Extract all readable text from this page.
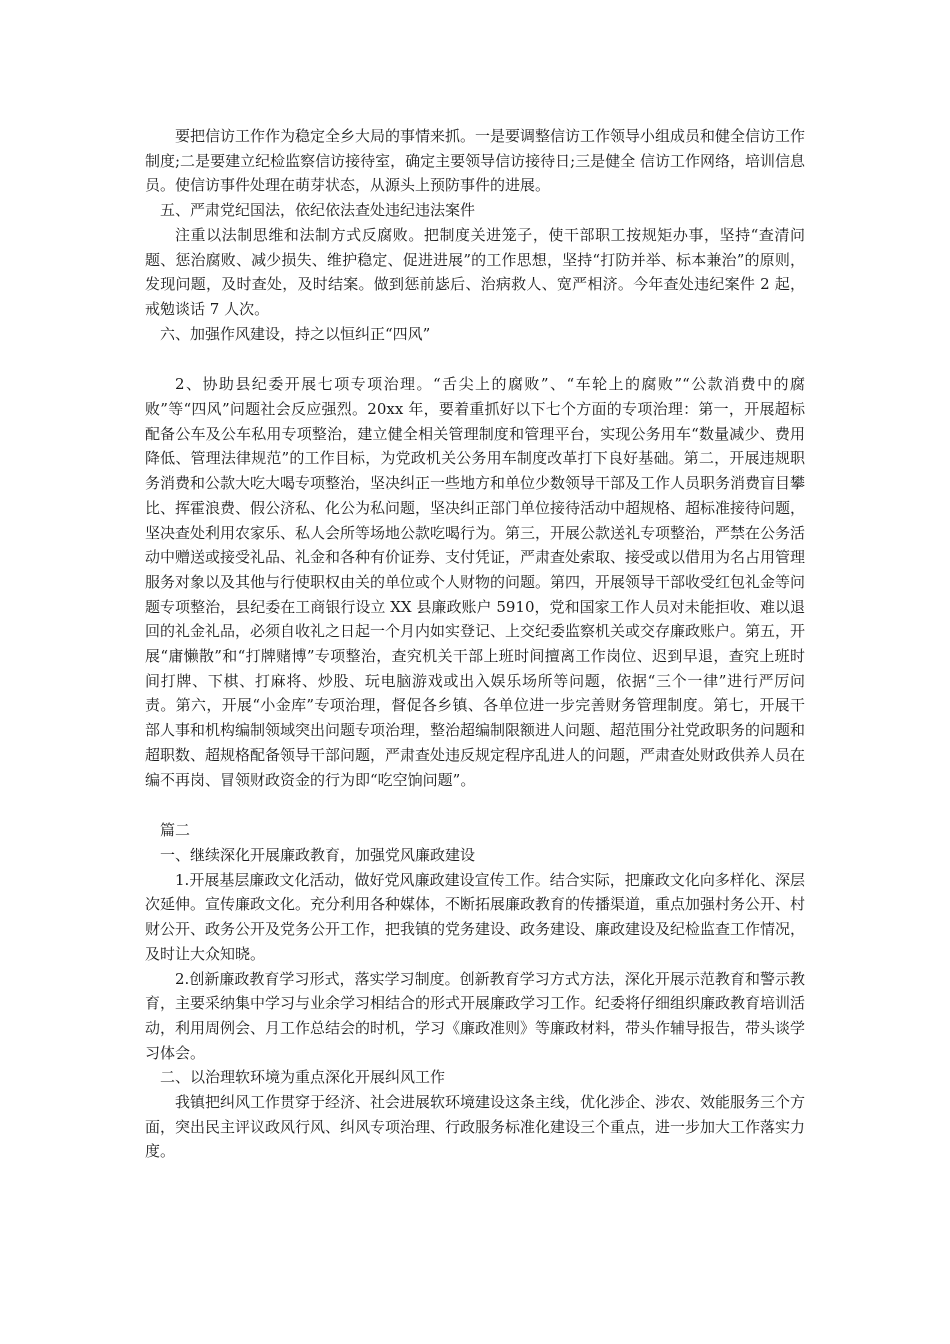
要把信访工作作为稳定全乡大局的事情来抓。一是要调整信访工作领导小组成员和健全信访工作制度;二是要建立纪检监察信访接待室，确定主要领导信访接待日;三是健全 信访工作网络，培训信息员。使信访事件处理在萌芽状态，从源头上预防事件的进展。

五、严肃党纪国法，依纪依法查处违纪违法案件

注重以法制思维和法制方式反腐败。把制度关进笼子，使干部职工按规矩办事，坚持“查清问题、惩治腐败、减少损失、维护稳定、促进进展”的工作思想，坚持“打防并举、标本兼治”的原则，发现问题，及时查处，及时结案。做到惩前毖后、治病救人、宽严相济。今年查处违纪案件 2 起，戒勉谈话 7 人次。

六、加强作风建设，持之以恒纠正“四风”

2、协助县纪委开展七项专项治理。“舌尖上的腐败”、“车轮上的腐败”“公款消费中的腐败”等“四风”问题社会反应强烈。20xx 年，要着重抓好以下七个方面的专项治理：第一，开展超标配备公车及公车私用专项整治，建立健全相关管理制度和管理平台，实现公务用车“数量减少、费用降低、管理法律规范”的工作目标，为党政机关公务用车制度改革打下良好基础。第二，开展违规职务消费和公款大吃大喝专项整治，坚决纠正一些地方和单位少数领导干部及工作人员职务消费盲目攀比、挥霍浪费、假公济私、化公为私问题，坚决纠正部门单位接待活动中超规格、超标准接待问题，坚决查处利用农家乐、私人会所等场地公款吃喝行为。第三，开展公款送礼专项整治，严禁在公务活动中赠送或接受礼品、礼金和各种有价证券、支付凭证，严肃查处索取、接受或以借用为名占用管理服务对象以及其他与行使职权由关的单位或个人财物的问题。第四，开展领导干部收受红包礼金等问题专项整治，县纪委在工商银行设立 XX 县廉政账户 5910，党和国家工作人员对未能拒收、难以退回的礼金礼品，必须自收礼之日起一个月内如实登记、上交纪委监察机关或交存廉政账户。第五，开展“庸懒散”和“打牌赌博”专项整治，查究机关干部上班时间擅离工作岗位、迟到早退，查究上班时间打牌、下棋、打麻将、炒股、玩电脑游戏或出入娱乐场所等问题，依据“三个一律”进行严厉问责。第六，开展“小金库”专项治理，督促各乡镇、各单位进一步完善财务管理制度。第七，开展干部人事和机构编制领域突出问题专项治理，整治超编制限额进人问题、超范围分社党政职务的问题和超职数、超规格配备领导干部问题，严肃查处违反规定程序乱进人的问题，严肃查处财政供养人员在编不再岗、冒领财政资金的行为即“吃空饷问题”。

篇二

一、继续深化开展廉政教育，加强党风廉政建设

1.开展基层廉政文化活动，做好党风廉政建设宣传工作。结合实际，把廉政文化向多样化、深层次延伸。宣传廉政文化。充分利用各种媒体，不断拓展廉政教育的传播渠道，重点加强村务公开、村财公开、政务公开及党务公开工作，把我镇的党务建设、政务建设、廉政建设及纪检监查工作情况，及时让大众知晓。

2.创新廉政教育学习形式，落实学习制度。创新教育学习方式方法，深化开展示范教育和警示教育，主要采纳集中学习与业余学习相结合的形式开展廉政学习工作。纪委将仔细组织廉政教育培训活动，利用周例会、月工作总结会的时机，学习《廉政准则》等廉政材料，带头作辅导报告，带头谈学习体会。

二、以治理软环境为重点深化开展纠风工作

我镇把纠风工作贯穿于经济、社会进展软环境建设这条主线，优化涉企、涉农、效能服务三个方面，突出民主评议政风行风、纠风专项治理、行政服务标准化建设三个重点，进一步加大工作落实力度。
